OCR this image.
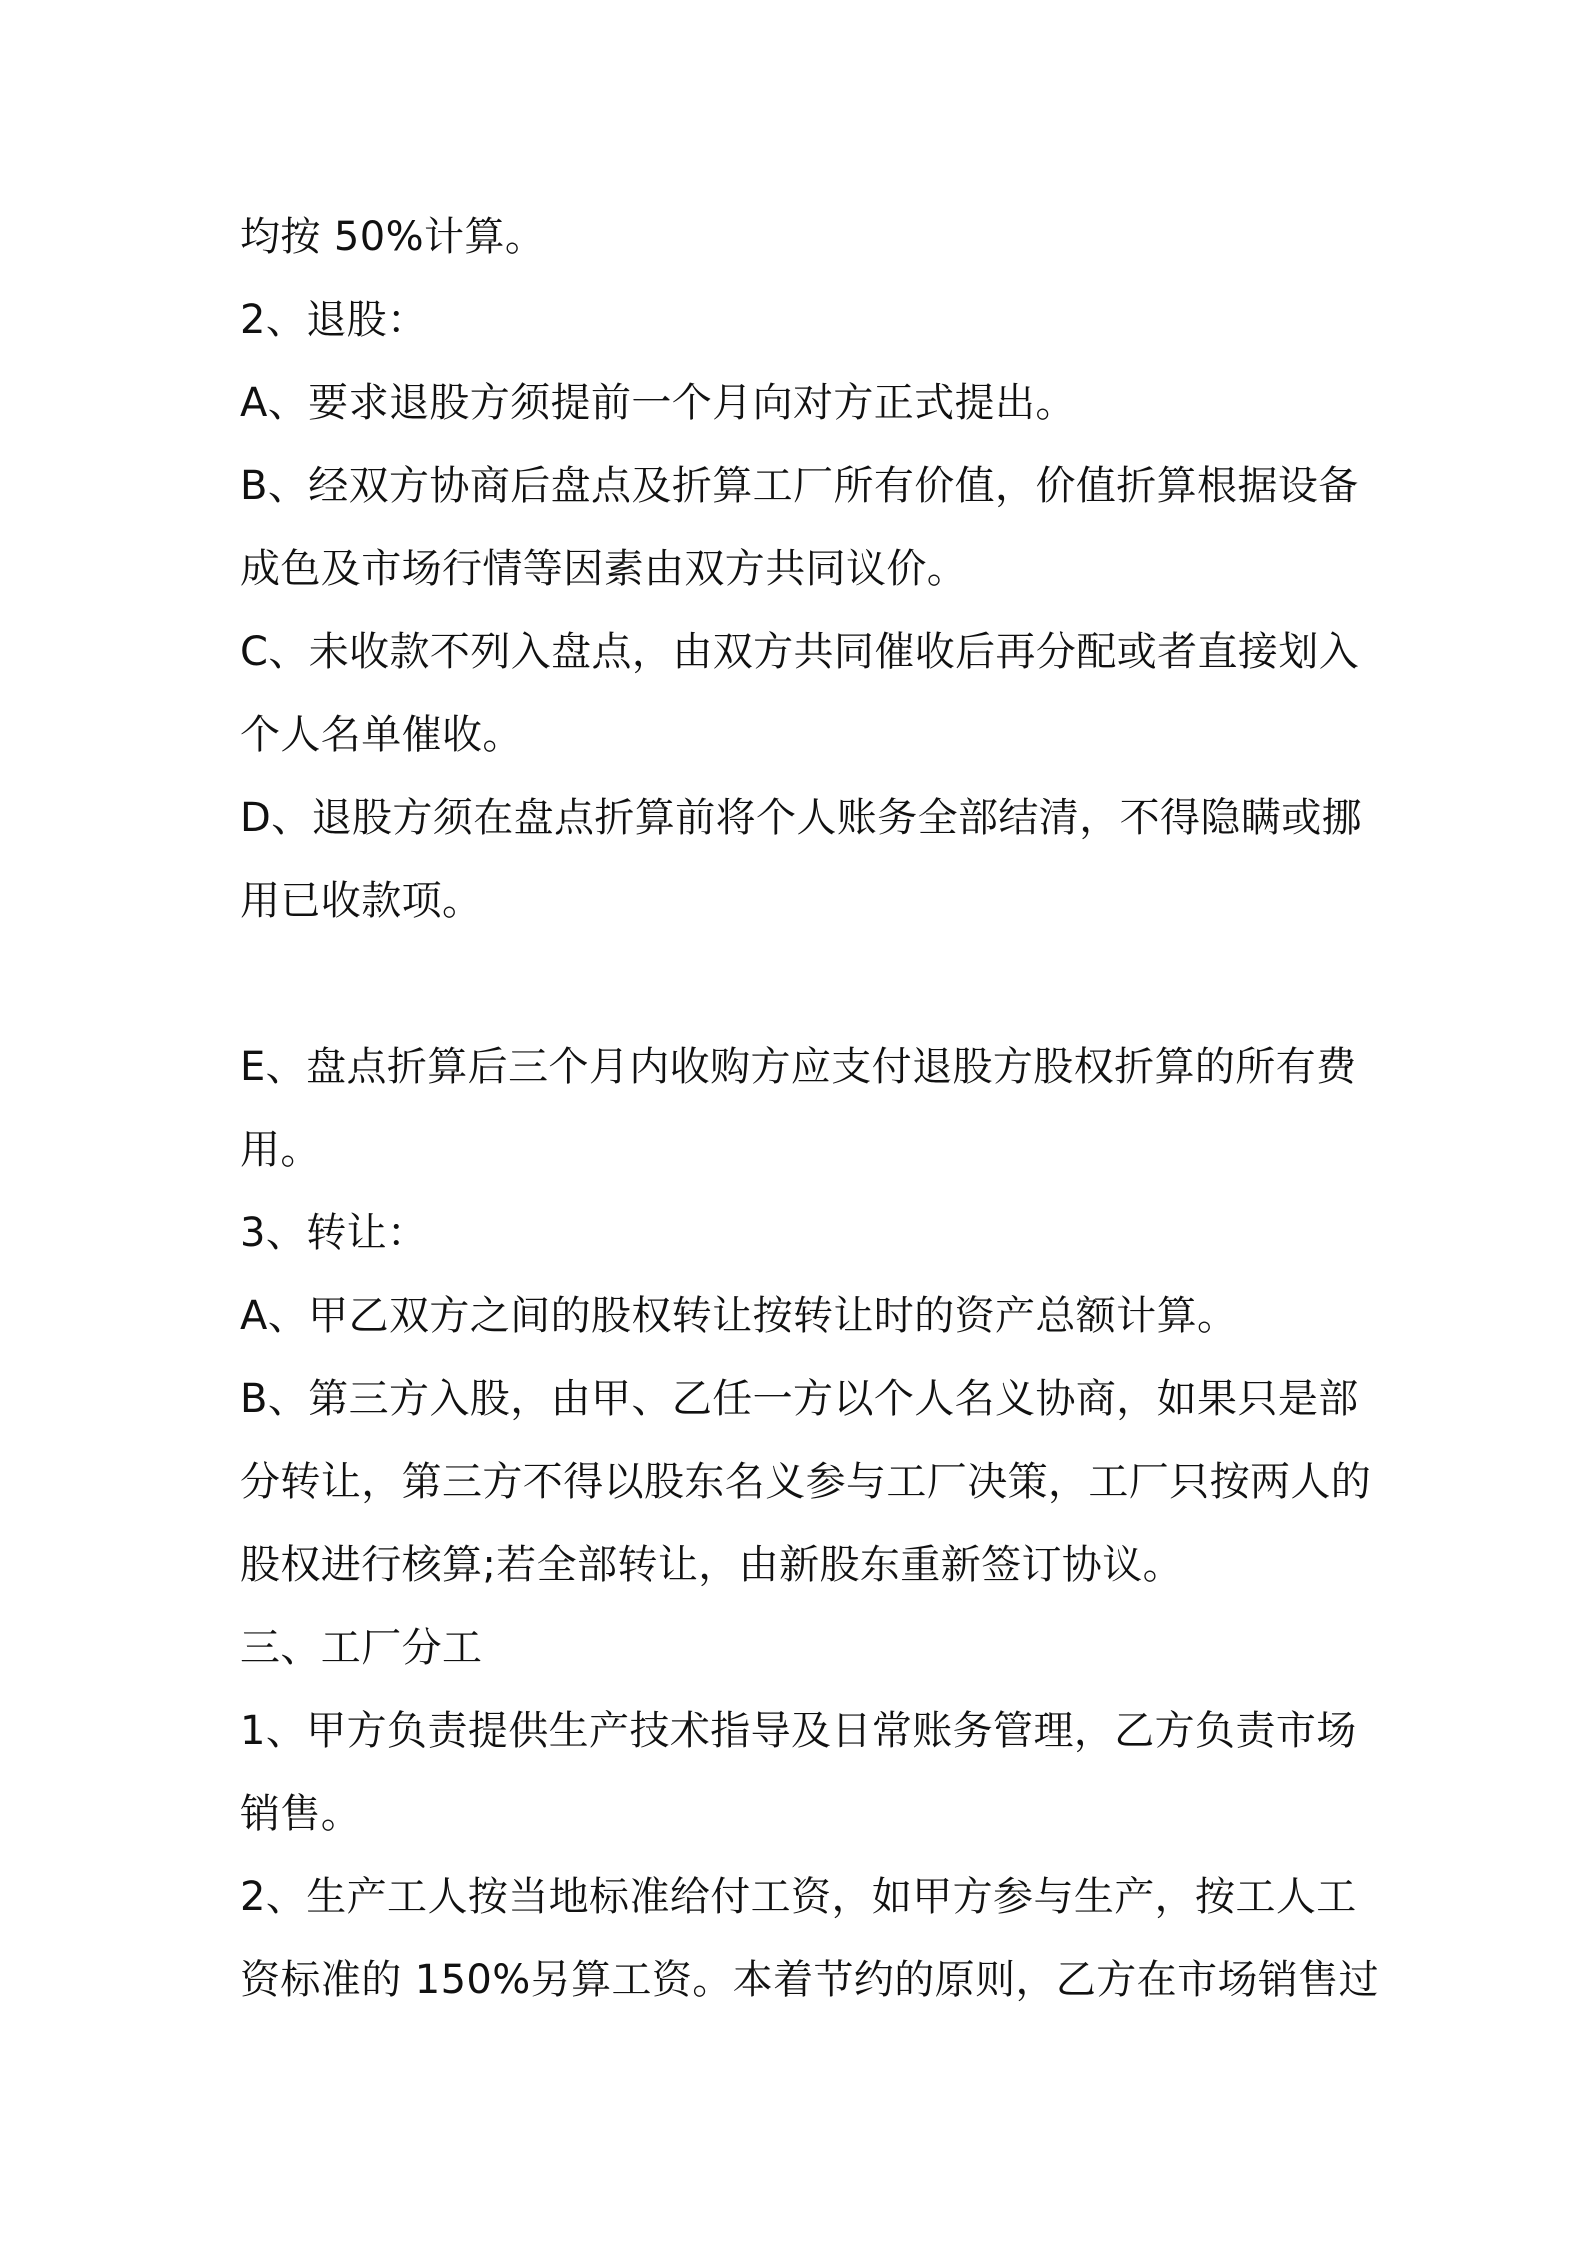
均按 50%计算。
2、退股：
A、要求退股方须提前一个月向对方正式提出。
B、经双方协商后盘点及折算工厂所有价值，价值折算根据设备
成色及市场行情等因素由双方共同议价。
C、未收款不列入盘点，由双方共同催收后再分配或者直接划入
个人名单催收。
D、退股方须在盘点折算前将个人账务全部结清，不得隐瞒或挪
用已收款项。
E、盘点折算后三个月内收购方应支付退股方股权折算的所有费
用。
3、转让：
A、甲乙双方之间的股权转让按转让时的资产总额计算。
B、第三方入股，由甲、乙任一方以个人名义协商，如果只是部
分转让，第三方不得以股东名义参与工厂决策，工厂只按两人的
股权进行核算;若全部转让，由新股东重新签订协议。
三、工厂分工
1、甲方负责提供生产技术指导及日常账务管理，乙方负责市场
销售。
2、生产工人按当地标准给付工资，如甲方参与生产，按工人工
资标准的 150%另算工资。本着节约的原则，乙方在市场销售过
